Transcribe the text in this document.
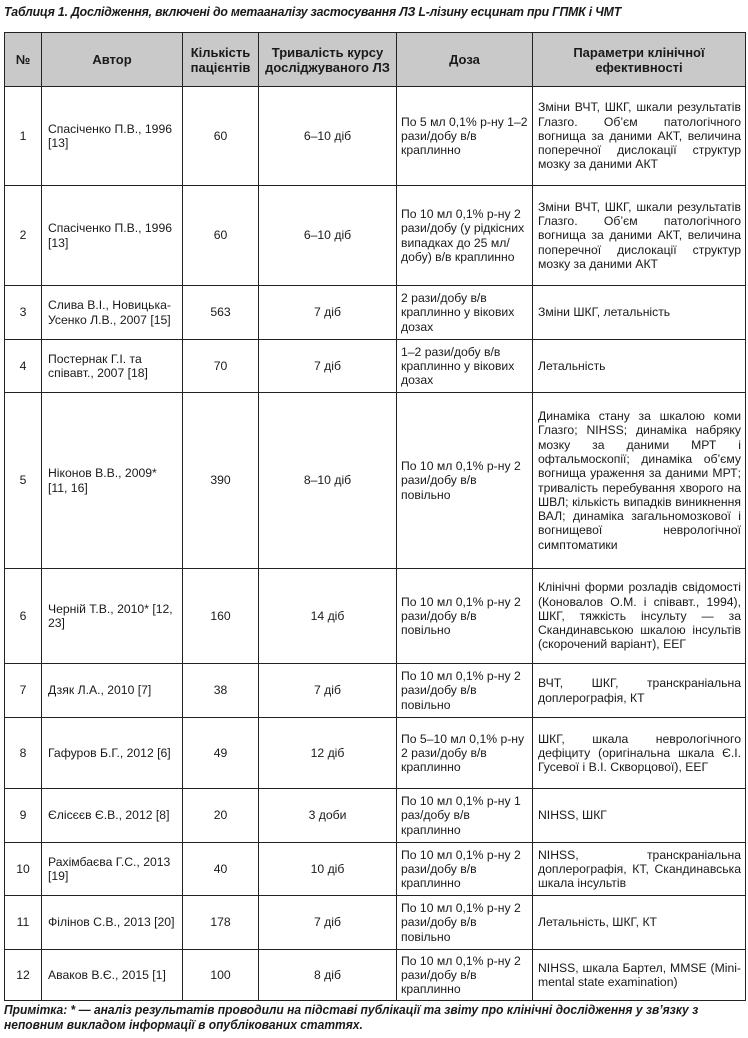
Таблиця 1. Дослідження, включені до метааналізу застосування ЛЗ L-лізину есцинат при ГПМК і ЧМТ
№	Автор	Кількість пацієнтів	Тривалість курсу досліджуваного ЛЗ	Доза	Параметри клінічної ефективності
1	Спасіченко П.В., 1996 [13]	60	6–10 діб	По 5 мл 0,1% р-ну 1–2 рази/добу в/в краплинно	Зміни ВЧТ, ШКГ, шкали результатів Глазго. Об’єм патологічного вогнища за даними АКТ, величина поперечної дислокації структур мозку за даними АКТ
2	Спасіченко П.В., 1996 [13]	60	6–10 діб	По 10 мл 0,1% р-ну 2 рази/добу (у рідкісних випадках до 25 мл/добу) в/в краплинно	Зміни ВЧТ, ШКГ, шкали результатів Глазго. Об’єм патологічного вогнища за даними АКТ, величина поперечної дислокації структур мозку за даними АКТ
3	Слива В.І., Новицька-Усенко Л.В., 2007 [15]	563	7 діб	2 рази/добу в/в краплинно у вікових дозах	Зміни ШКГ, летальність
4	Постернак Г.І. та співавт., 2007 [18]	70	7 діб	1–2 рази/добу в/в краплинно у вікових дозах	Летальність
5	Ніконов В.В., 2009* [11, 16]	390	8–10 діб	По 10 мл 0,1% р-ну 2 рази/добу в/в повільно	Динаміка стану за шкалою коми Глазго; NIHSS; динаміка набряку мозку за даними МРТ і офтальмоскопії; динаміка об’єму вогнища ураження за даними МРТ; тривалість перебування хворого на ШВЛ; кількість випадків виникнення ВАЛ; динаміка загальномозкової і вогнищевої неврологічної симптоматики
6	Черній Т.В., 2010* [12, 23]	160	14 діб	По 10 мл 0,1% р-ну 2 рази/добу в/в повільно	Клінічні форми розладів свідомості (Коновалов О.М. і співавт., 1994), ШКГ, тяжкість інсульту — за Скандинавською шкалою інсультів (скорочений варіант), ЕЕГ
7	Дзяк Л.А., 2010 [7]	38	7 діб	По 10 мл 0,1% р-ну 2 рази/добу в/в повільно	ВЧТ, ШКГ, транскраніальна доплерографія, КТ
8	Гафуров Б.Г., 2012 [6]	49	12 діб	По 5–10 мл 0,1% р-ну 2 рази/добу в/в краплинно	ШКГ, шкала неврологічного дефіциту (оригінальна шкала Є.І. Гусевої і В.І. Скворцової), ЕЕГ
9	Єлісєєв Є.В., 2012 [8]	20	3 доби	По 10 мл 0,1% р-ну 1 раз/добу в/в краплинно	NIHSS, ШКГ
10	Рахімбаєва Г.С., 2013 [19]	40	10 діб	По 10 мл 0,1% р-ну 2 рази/добу в/в краплинно	NIHSS, транскраніальна доплерографія, КТ, Скандинавська шкала інсультів
11	Філінов С.В., 2013 [20]	178	7 діб	По 10 мл 0,1% р-ну 2 рази/добу в/в повільно	Летальність, ШКГ, КТ
12	Аваков В.Є., 2015 [1]	100	8 діб	По 10 мл 0,1% р-ну 2 рази/добу в/в краплинно	NIHSS, шкала Бартел, MMSE (Mini-mental state examination)
Примітка: * — аналіз результатів проводили на підставі публікації та звіту про клінічні дослідження у зв’язку з неповним викладом інформації в опублікованих статтях.
